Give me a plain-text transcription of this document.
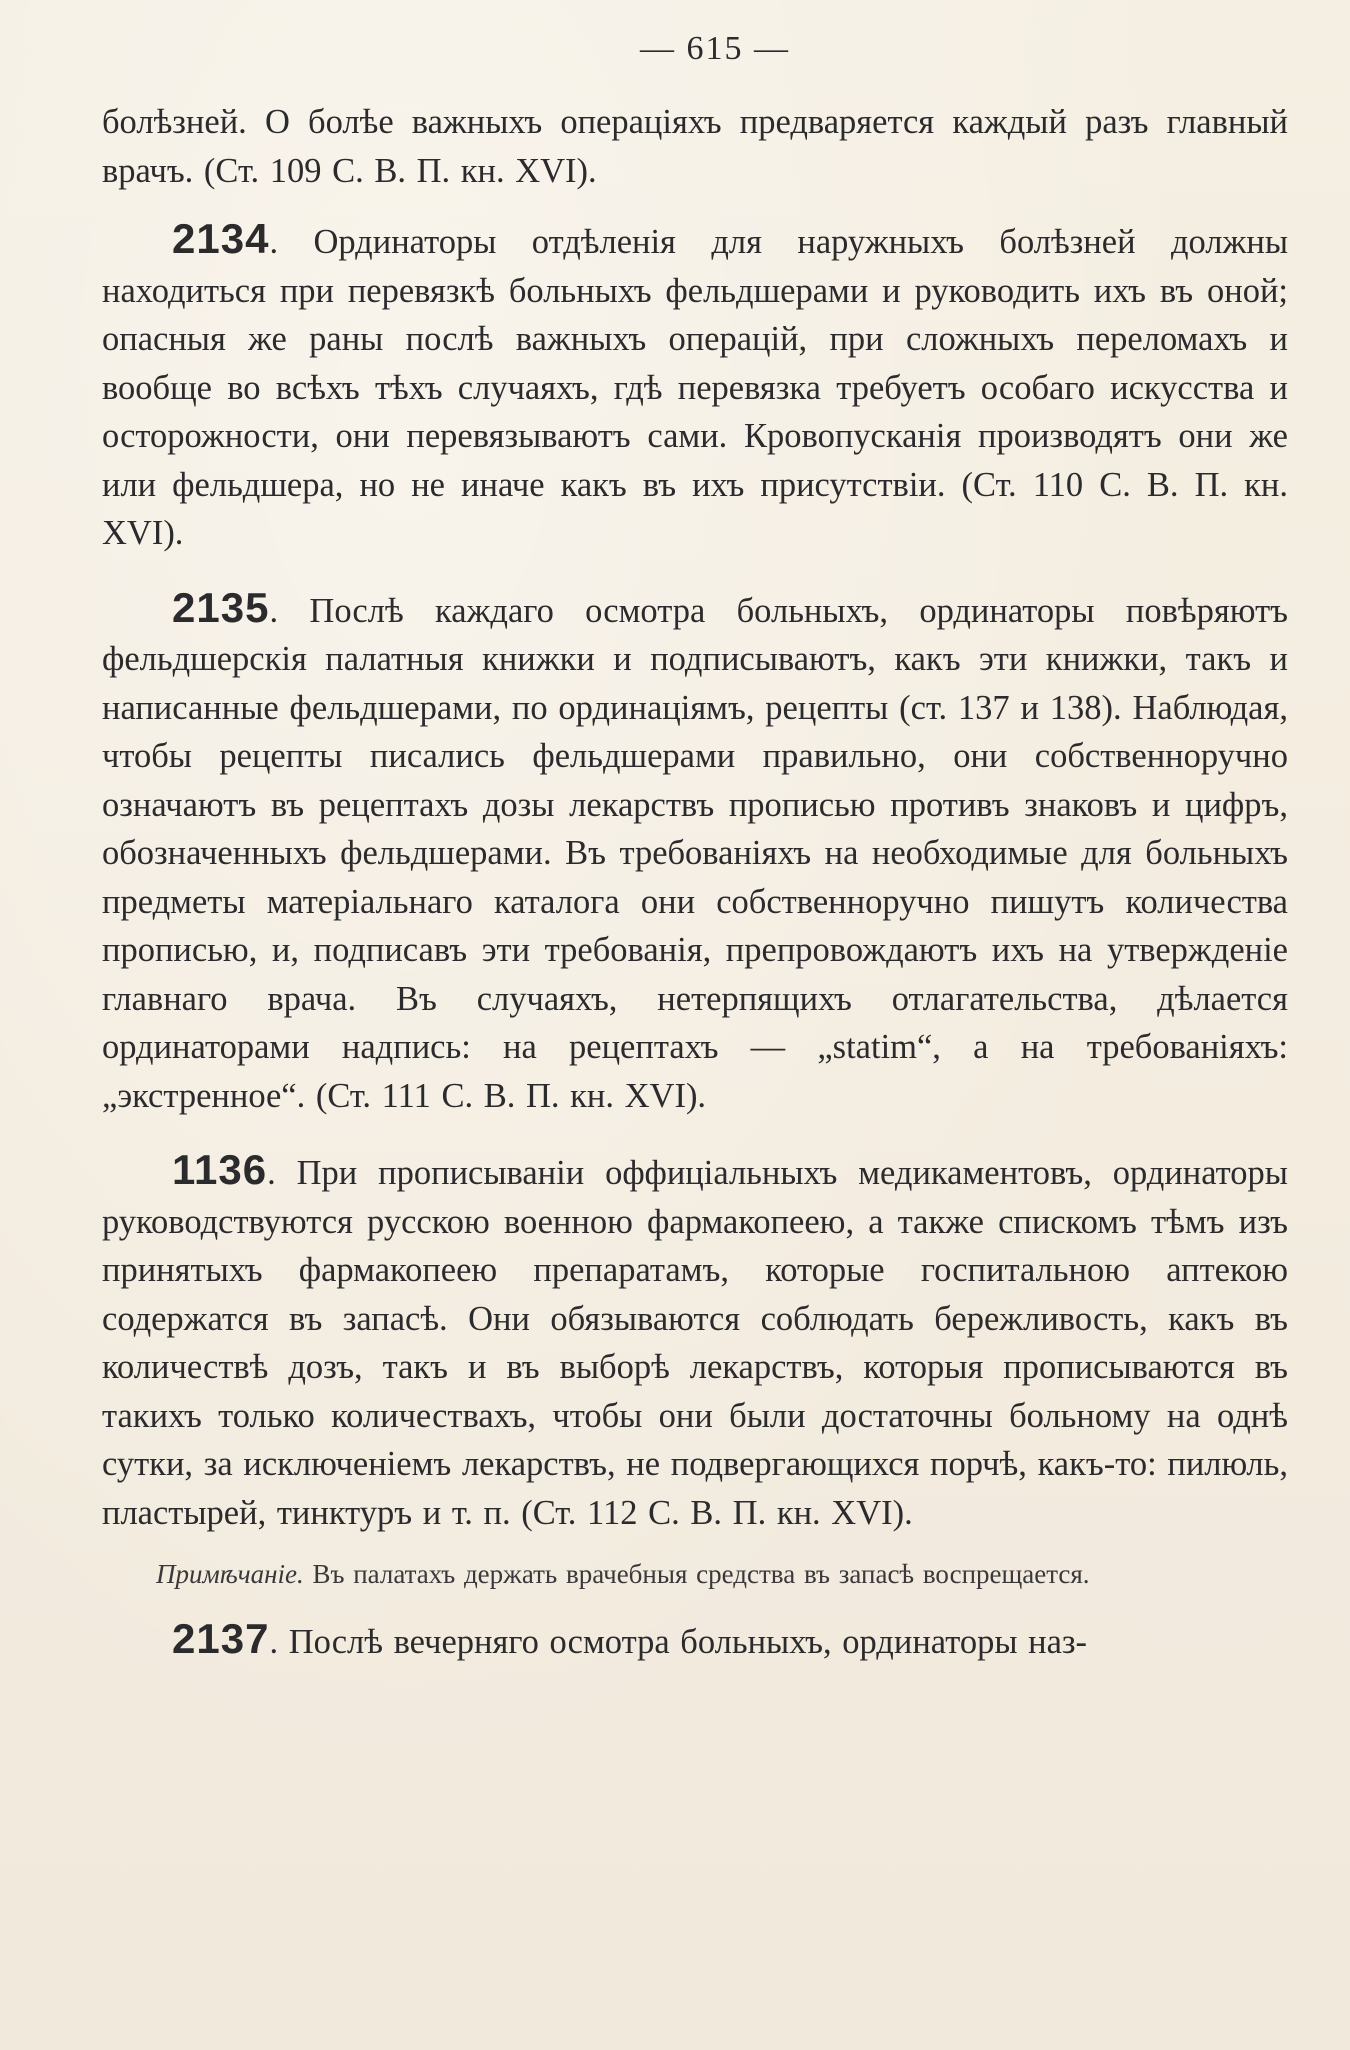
— 615 —

болѣзней. О болѣе важныхъ операціяхъ предваряется каждый разъ главный врачъ. (Ст. 109 С. В. П. кн. XVI).

2134. Ординаторы отдѣленія для наружныхъ болѣзней должны находиться при перевязкѣ больныхъ фельдшерами и руководить ихъ въ оной; опасныя же раны послѣ важныхъ операцій, при сложныхъ переломахъ и вообще во всѣхъ тѣхъ случаяхъ, гдѣ перевязка требуетъ особаго искусства и осторожности, они перевязываютъ сами. Кровопусканія производятъ они же или фельдшера, но не иначе какъ въ ихъ присутствіи. (Ст. 110 С. В. П. кн. XVI).

2135. Послѣ каждаго осмотра больныхъ, ординаторы повѣряютъ фельдшерскія палатныя книжки и подписываютъ, какъ эти книжки, такъ и написанные фельдшерами, по ординаціямъ, рецепты (ст. 137 и 138). Наблюдая, чтобы рецепты писались фельдшерами правильно, они собственноручно означаютъ въ рецептахъ дозы лекарствъ прописью противъ знаковъ и цифръ, обозначенныхъ фельдшерами. Въ требованіяхъ на необходимые для больныхъ предметы матеріальнаго каталога они собственноручно пишутъ количества прописью, и, подписавъ эти требованія, препровождаютъ ихъ на утвержденіе главнаго врача. Въ случаяхъ, нетерпящихъ отлагательства, дѣлается ординаторами надпись: на рецептахъ — „statim“, а на требованіяхъ: „экстренное“. (Ст. 111 С. В. П. кн. XVI).

1136. При прописываніи оффиціальныхъ медикаментовъ, ординаторы руководствуются русскою военною фармакопеею, а также спискомъ тѣмъ изъ принятыхъ фармакопеею препаратамъ, которые госпитальною аптекою содержатся въ запасѣ. Они обязываются соблюдать бережливость, какъ въ количествѣ дозъ, такъ и въ выборѣ лекарствъ, которыя прописываются въ такихъ только количествахъ, чтобы они были достаточны больному на однѣ сутки, за исключеніемъ лекарствъ, не подвергающихся порчѣ, какъ-то: пилюль, пластырей, тинктуръ и т. п. (Ст. 112 С. В. П. кн. XVI).

Примѣчаніе. Въ палатахъ держать врачебныя средства въ запасѣ воспрещается.

2137. Послѣ вечерняго осмотра больныхъ, ординаторы наз-
